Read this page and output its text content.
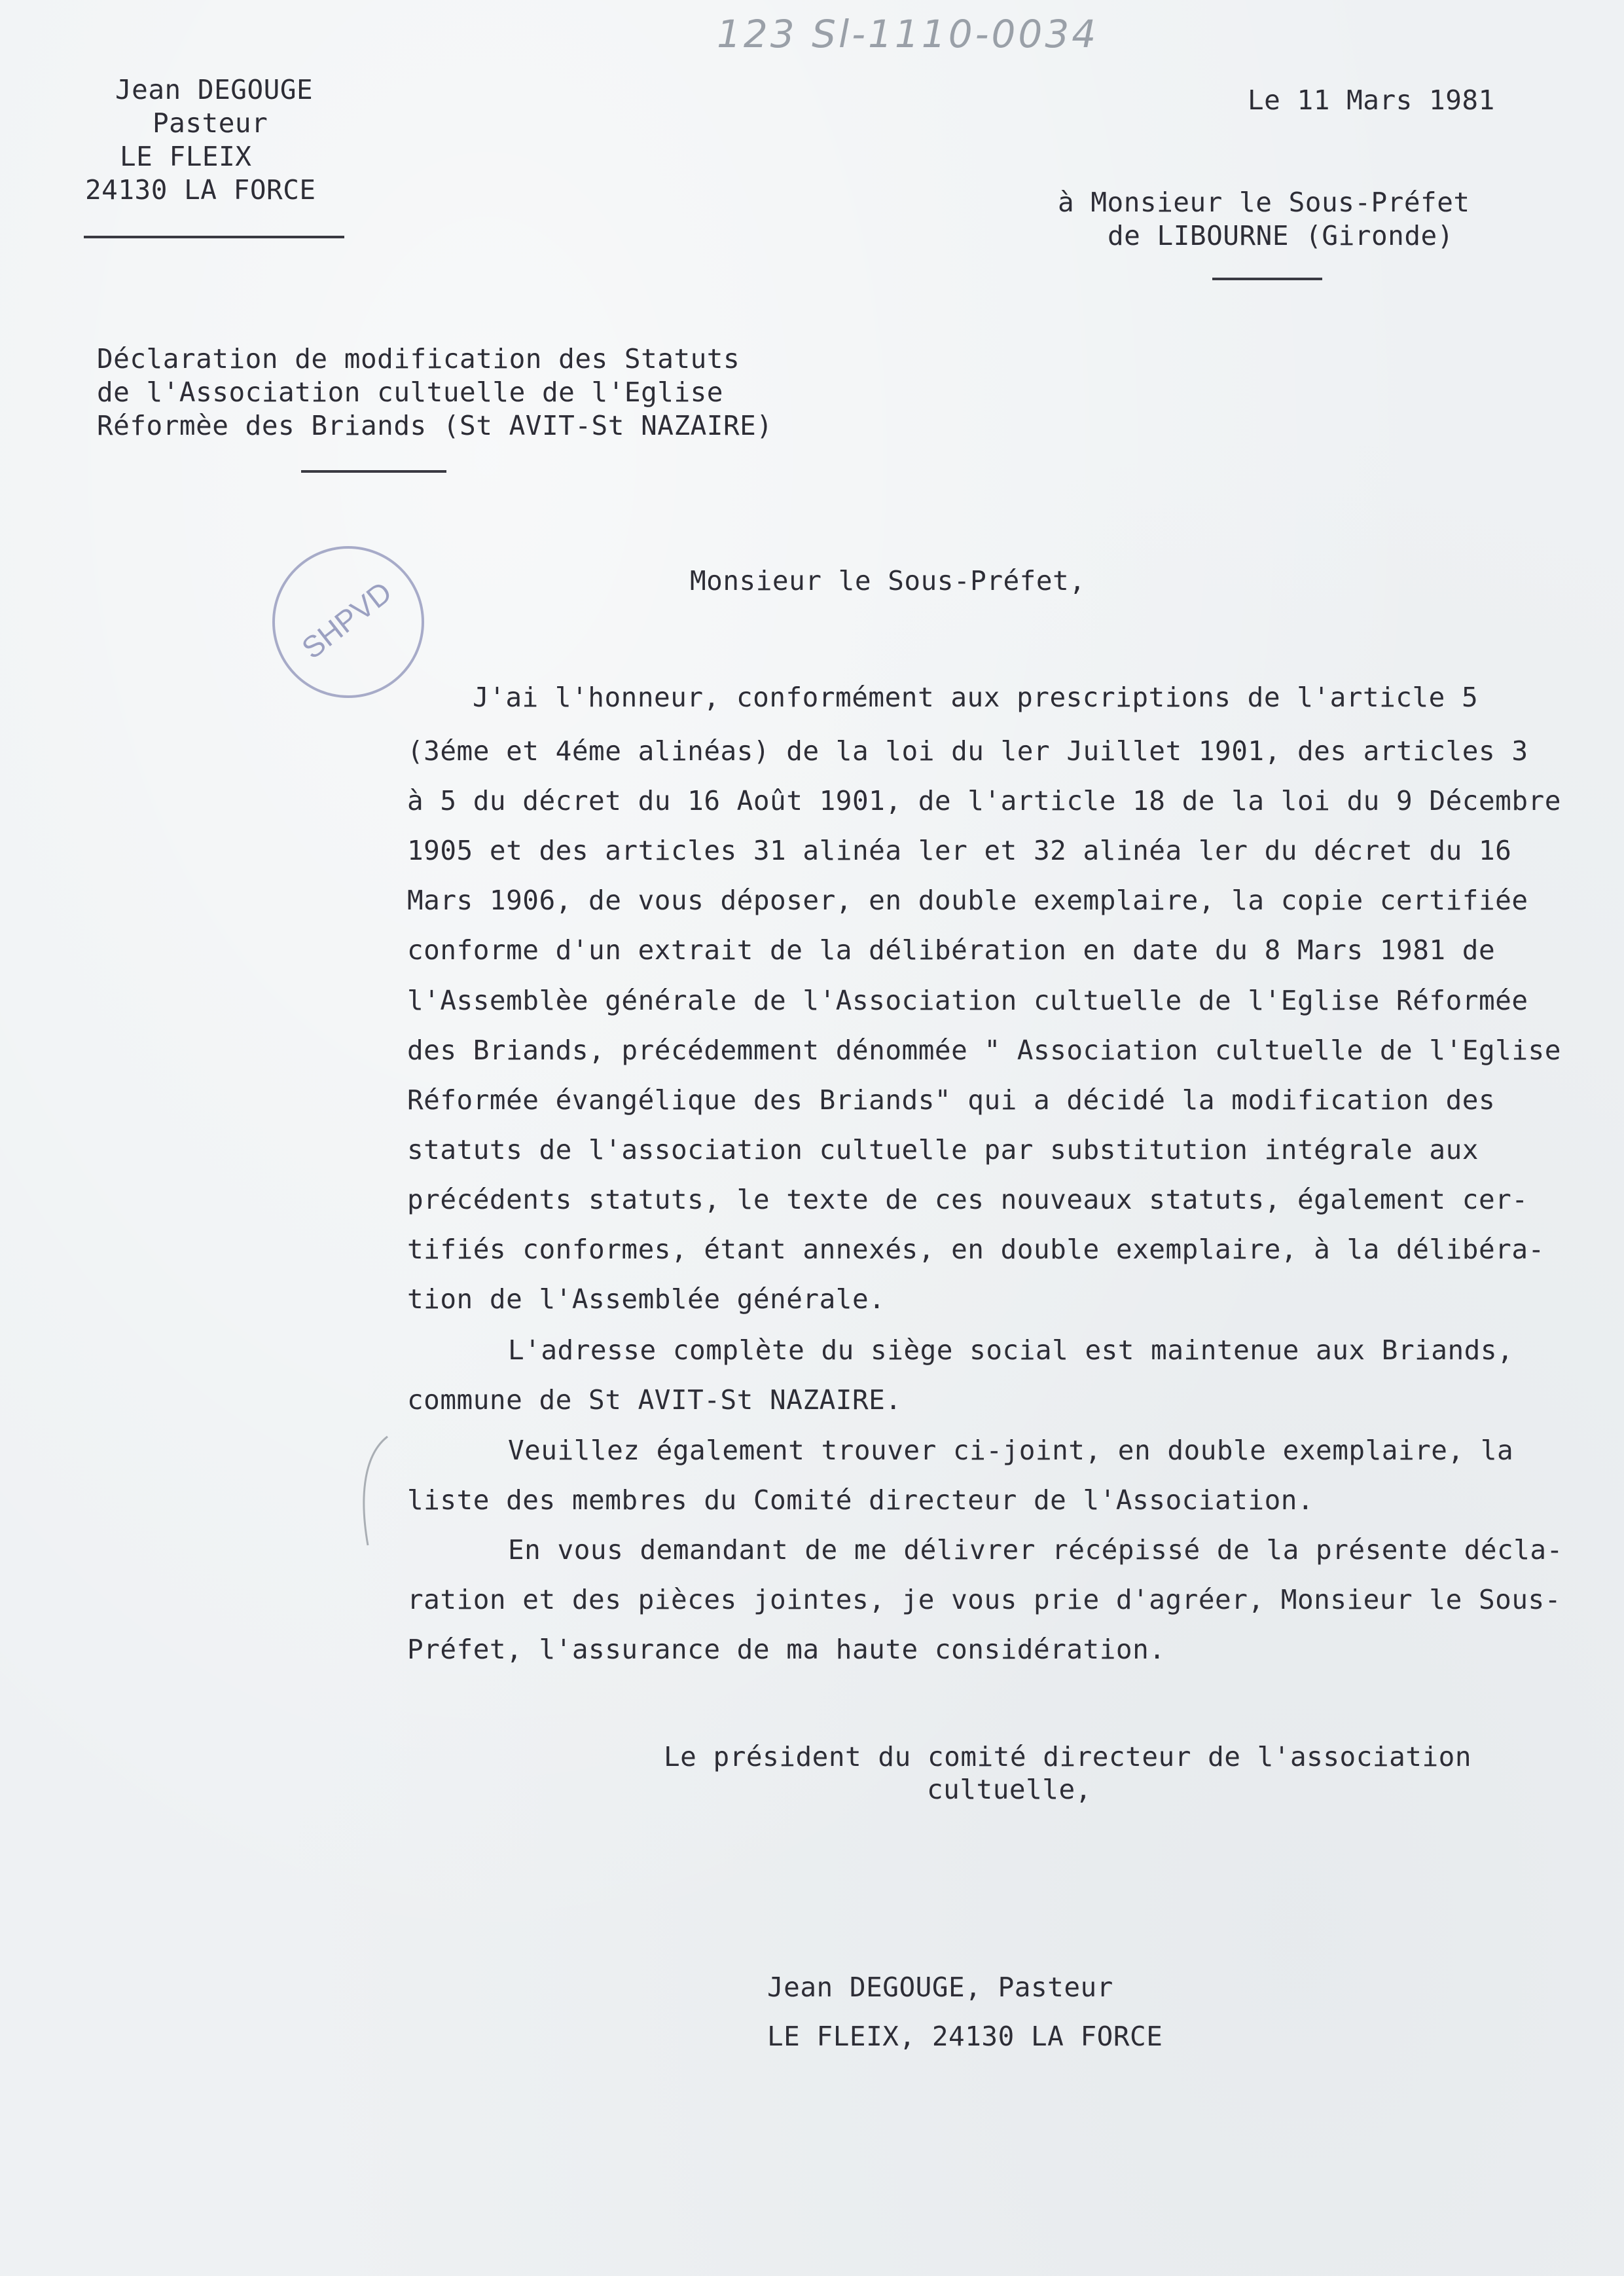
123 Sl-1110-0034
Jean DEGOUGE
Pasteur
LE FLEIX
24130 LA FORCE
Le 11 Mars 1981
à Monsieur le Sous-Préfet
de LIBOURNE (Gironde)
Déclaration de modification des Statuts
de l'Association cultuelle de l'Eglise
Réformèe des Briands (St AVIT-St NAZAIRE)
SHPVD	Monsieur le Sous-Préfet,
J'ai l'honneur, conformément aux prescriptions de l'article 5
(3éme et 4éme alinéas) de la loi du ler Juillet 1901, des articles 3
à 5 du décret du 16 Août 1901, de l'article 18 de la loi du 9 Décembre
1905 et des articles 31 alinéa ler et 32 alinéa ler du décret du 16
Mars 1906, de vous déposer, en double exemplaire, la copie certifiée
conforme d'un extrait de la délibération en date du 8 Mars 1981 de
l'Assemblèe générale de l'Association cultuelle de l'Eglise Réformée
des Briands, précédemment dénommée " Association cultuelle de l'Eglise
Réformée évangélique des Briands" qui a décidé la modification des
statuts de l'association cultuelle par substitution intégrale aux
précédents statuts, le texte de ces nouveaux statuts, également cer-
tifiés conformes, étant annexés, en double exemplaire, à la délibéra-
tion de l'Assemblée générale.
L'adresse complète du siège social est maintenue aux Briands,
commune de St AVIT-St NAZAIRE.
Veuillez également trouver ci-joint, en double exemplaire, la
liste des membres du Comité directeur de l'Association.
En vous demandant de me délivrer récépissé de la présente décla-
ration et des pièces jointes, je vous prie d'agréer, Monsieur le Sous-
Préfet, l'assurance de ma haute considération.
Le président du comité directeur de l'association
cultuelle,
Jean DEGOUGE, Pasteur
LE FLEIX, 24130 LA FORCE
